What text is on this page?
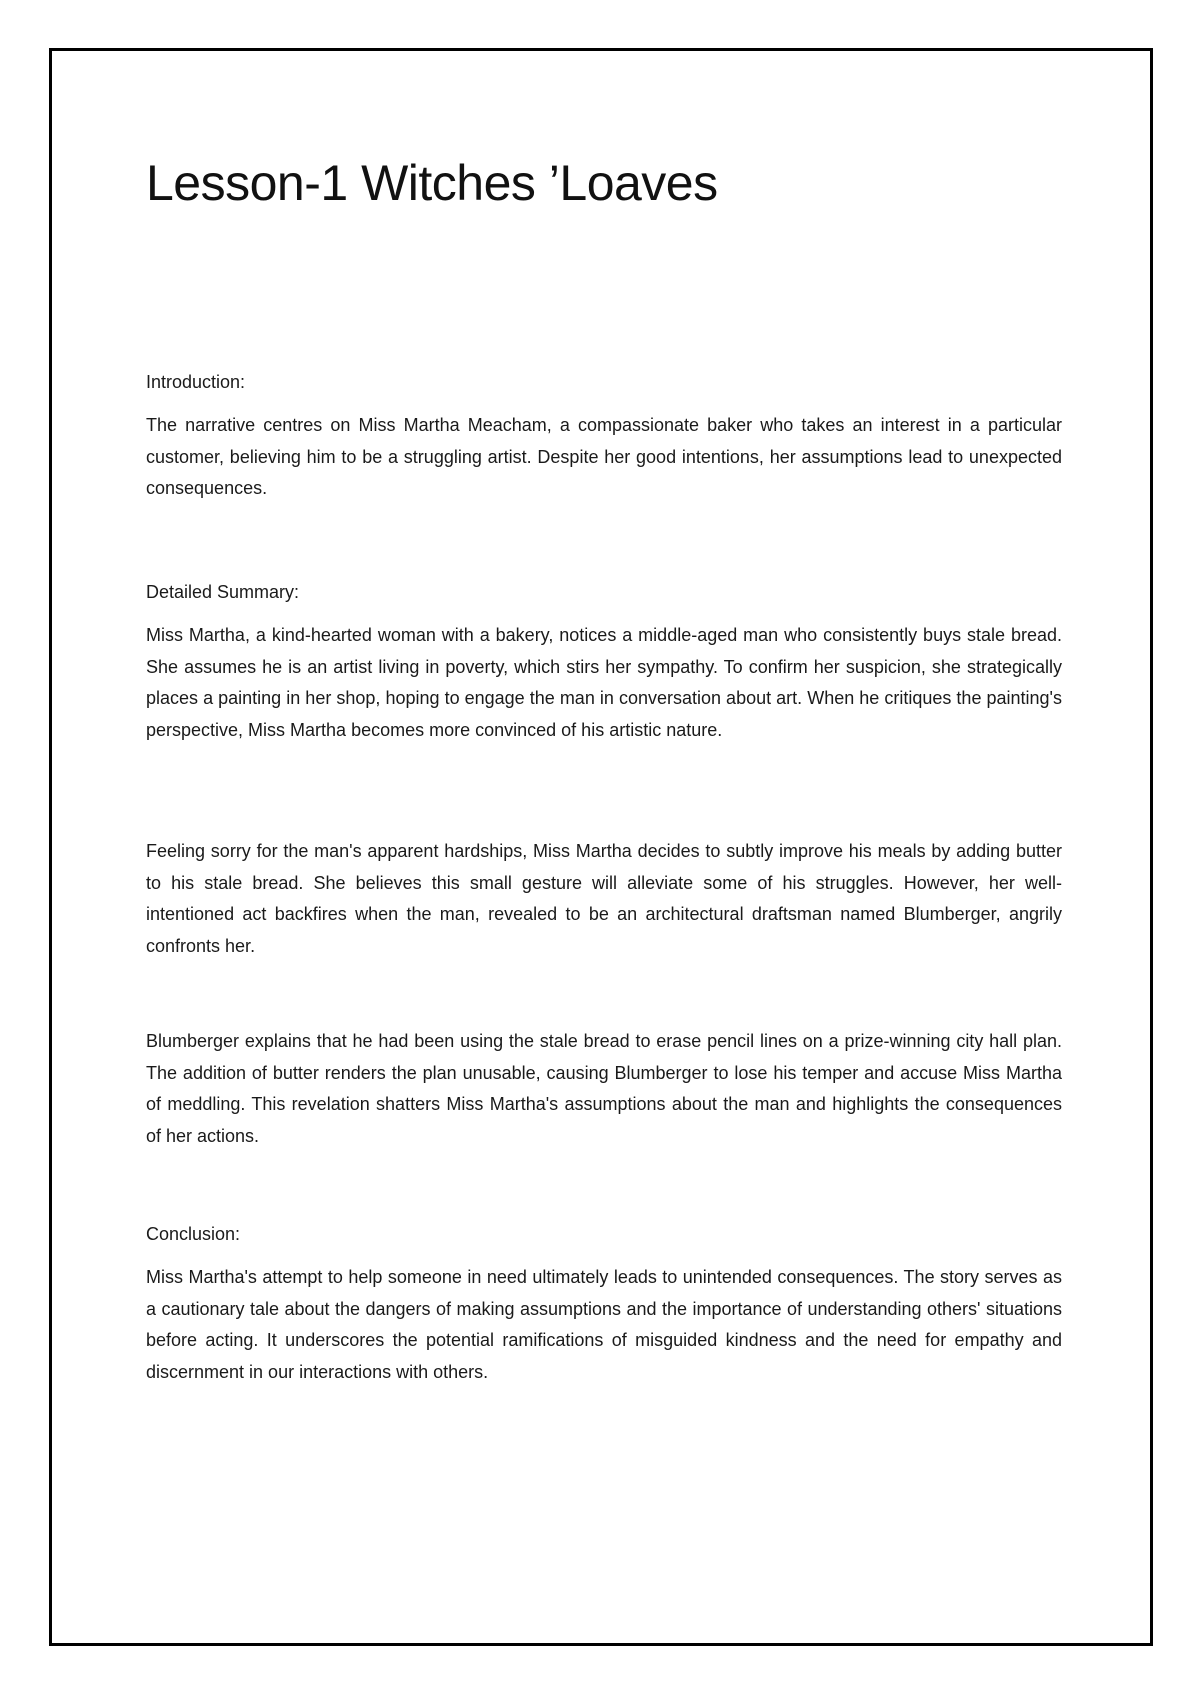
Lesson-1 Witches ’Loaves

Introduction:

The narrative centres on Miss Martha Meacham, a compassionate baker who takes an interest in a particular customer, believing him to be a struggling artist. Despite her good intentions, her assumptions lead to unexpected consequences.

Detailed Summary:

Miss Martha, a kind-hearted woman with a bakery, notices a middle-aged man who consistently buys stale bread. She assumes he is an artist living in poverty, which stirs her sympathy. To confirm her suspicion, she strategically places a painting in her shop, hoping to engage the man in conversation about art. When he critiques the painting's perspective, Miss Martha becomes more convinced of his artistic nature.

Feeling sorry for the man's apparent hardships, Miss Martha decides to subtly improve his meals by adding butter to his stale bread. She believes this small gesture will alleviate some of his struggles. However, her well-intentioned act backfires when the man, revealed to be an architectural draftsman named Blumberger, angrily confronts her.

Blumberger explains that he had been using the stale bread to erase pencil lines on a prize-winning city hall plan. The addition of butter renders the plan unusable, causing Blumberger to lose his temper and accuse Miss Martha of meddling. This revelation shatters Miss Martha's assumptions about the man and highlights the consequences of her actions.

Conclusion:

Miss Martha's attempt to help someone in need ultimately leads to unintended consequences. The story serves as a cautionary tale about the dangers of making assumptions and the importance of understanding others' situations before acting. It underscores the potential ramifications of misguided kindness and the need for empathy and discernment in our interactions with others.
